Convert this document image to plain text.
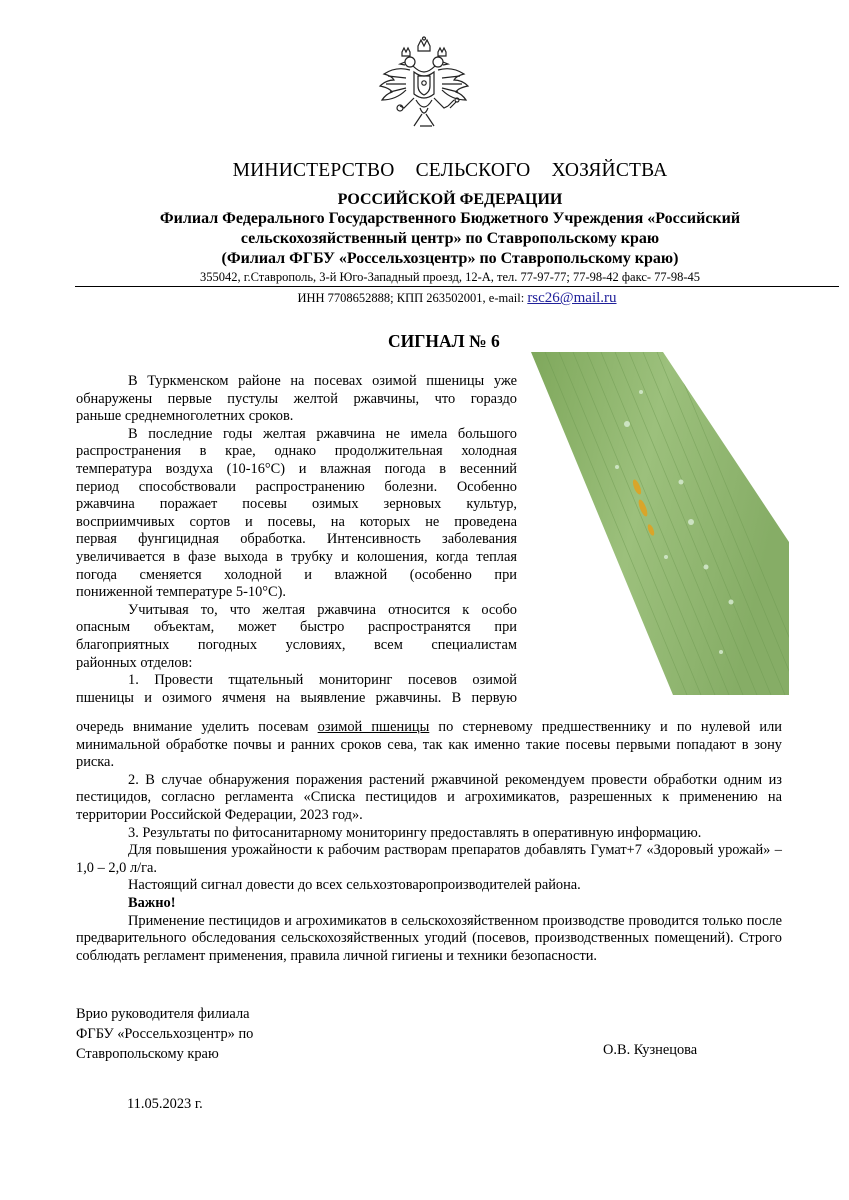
МИНИСТЕРСТВО СЕЛЬСКОГО ХОЗЯЙСТВА
РОССИЙСКОЙ ФЕДЕРАЦИИ
Филиал Федерального Государственного Бюджетного Учреждения «Российский
сельскохозяйственный центр» по Ставропольскому краю
(Филиал ФГБУ «Россельхозцентр» по Ставропольскому краю)
355042, г.Ставрополь, 3-й Юго-Западный проезд, 12-А, тел. 77-97-77; 77-98-42 факс- 77-98-45
ИНН 7708652888; КПП 263502001, e-mail: rsc26@mail.ru
СИГНАЛ № 6
В Туркменском районе на посевах озимой пшеницы уже
обнаружены первые пустулы желтой ржавчины, что гораздо
раньше среднемноголетних сроков.
В последние годы желтая ржавчина не имела большого
распространения в крае, однако продолжительная холодная
температура воздуха (10-16°С) и влажная погода в весенний
период способствовали распространению болезни. Особенно
ржавчина поражает посевы озимых зерновых культур,
восприимчивых сортов и посевы, на которых не проведена
первая фунгицидная обработка. Интенсивность заболевания
увеличивается в фазе выхода в трубку и колошения, когда теплая
погода сменяется холодной и влажной (особенно при
пониженной температуре 5-10°С).
Учитывая то, что желтая ржавчина относится к особо
опасным объектам, может быстро распространятся при
благоприятных погодных условиях, всем специалистам
районных отделов:
1. Провести тщательный мониторинг посевов озимой
пшеницы и озимого ячменя на выявление ржавчины. В первую
очередь внимание уделить посевам озимой пшеницы по стерневому предшественнику и по нулевой или минимальной обработке почвы и ранних сроков сева, так как именно такие посевы первыми попадают в зону риска.
2. В случае обнаружения поражения растений ржавчиной рекомендуем провести обработки одним из пестицидов, согласно регламента «Списка пестицидов и агрохимикатов, разрешенных к применению на территории Российской Федерации, 2023 год».
3. Результаты по фитосанитарному мониторингу предоставлять в оперативную информацию.
Для повышения урожайности к рабочим растворам препаратов добавлять Гумат+7 «Здоровый урожай» – 1,0 – 2,0 л/га.
Настоящий сигнал довести до всех сельхозтоваропроизводителей района.
Важно!
Применение пестицидов и агрохимикатов в сельскохозяйственном производстве проводится только после предварительного обследования сельскохозяйственных угодий (посевов, производственных помещений). Строго соблюдать регламент применения, правила личной гигиены и техники безопасности.
Врио руководителя филиала
ФГБУ «Россельхозцентр» по
Ставропольскому краю	О.В. Кузнецова
11.05.2023 г.
